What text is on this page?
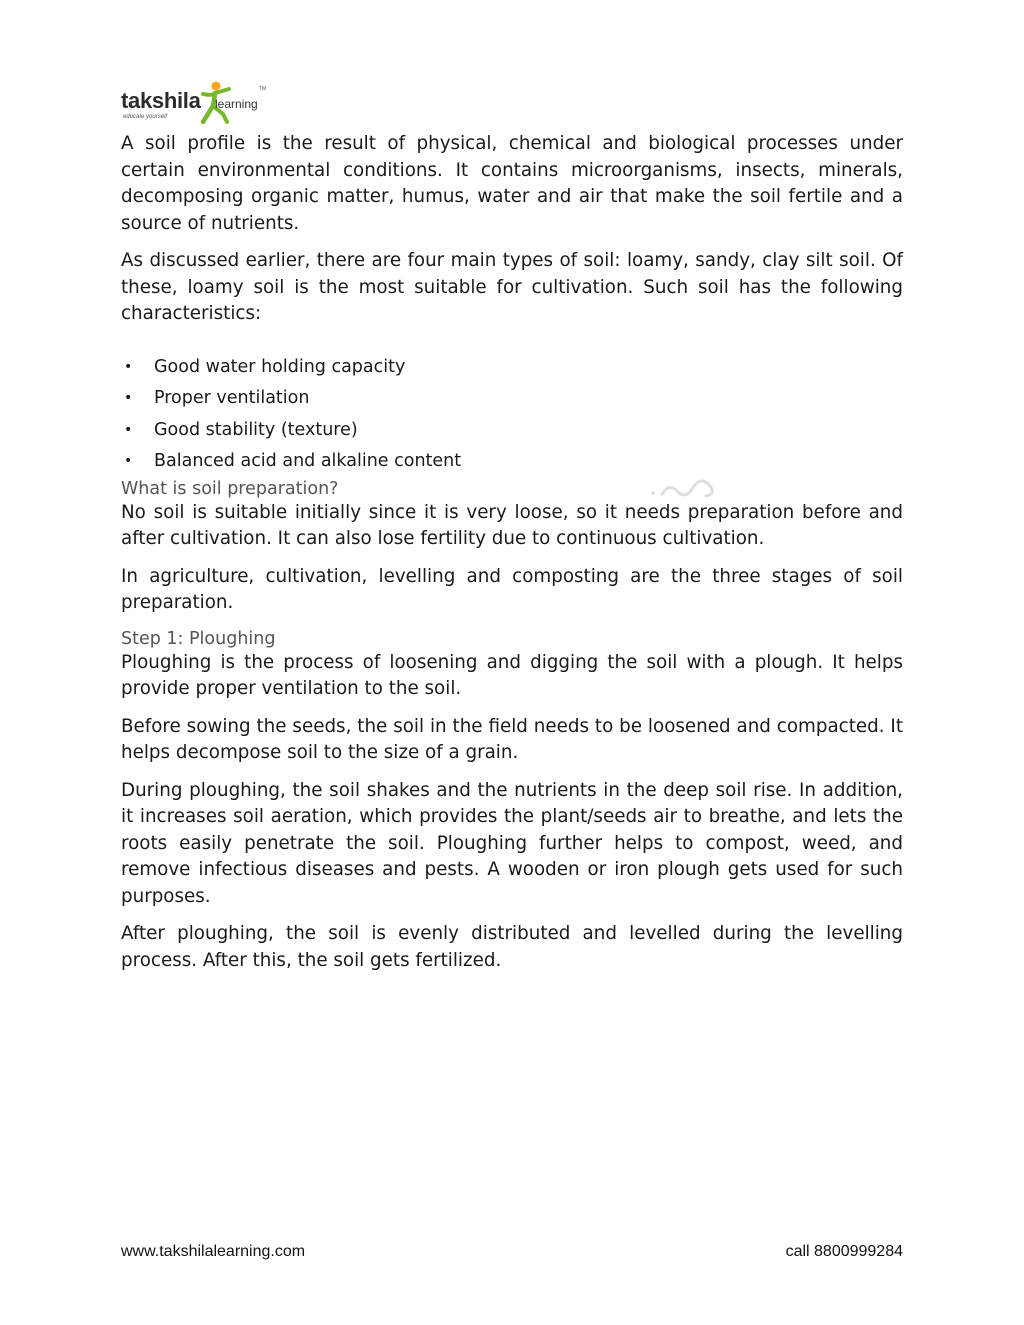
takshila learning
educate yourself
TM

A soil profile is the result of physical, chemical and biological processes under certain environmental conditions. It contains microorganisms, insects, minerals, decomposing organic matter, humus, water and air that make the soil fertile and a source of nutrients.

As discussed earlier, there are four main types of soil: loamy, sandy, clay silt soil. Of these, loamy soil is the most suitable for cultivation. Such soil has the following characteristics:

• Good water holding capacity
• Proper ventilation
• Good stability (texture)
• Balanced acid and alkaline content
What is soil preparation?

No soil is suitable initially since it is very loose, so it needs preparation before and after cultivation. It can also lose fertility due to continuous cultivation.

In agriculture, cultivation, levelling and composting are the three stages of soil preparation.

Step 1: Ploughing

Ploughing is the process of loosening and digging the soil with a plough. It helps provide proper ventilation to the soil.

Before sowing the seeds, the soil in the field needs to be loosened and compacted. It helps decompose soil to the size of a grain.

During ploughing, the soil shakes and the nutrients in the deep soil rise. In addition, it increases soil aeration, which provides the plant/seeds air to breathe, and lets the roots easily penetrate the soil. Ploughing further helps to compost, weed, and remove infectious diseases and pests. A wooden or iron plough gets used for such purposes.

After ploughing, the soil is evenly distributed and levelled during the levelling process. After this, the soil gets fertilized.

www.takshilalearning.com	call 8800999284
